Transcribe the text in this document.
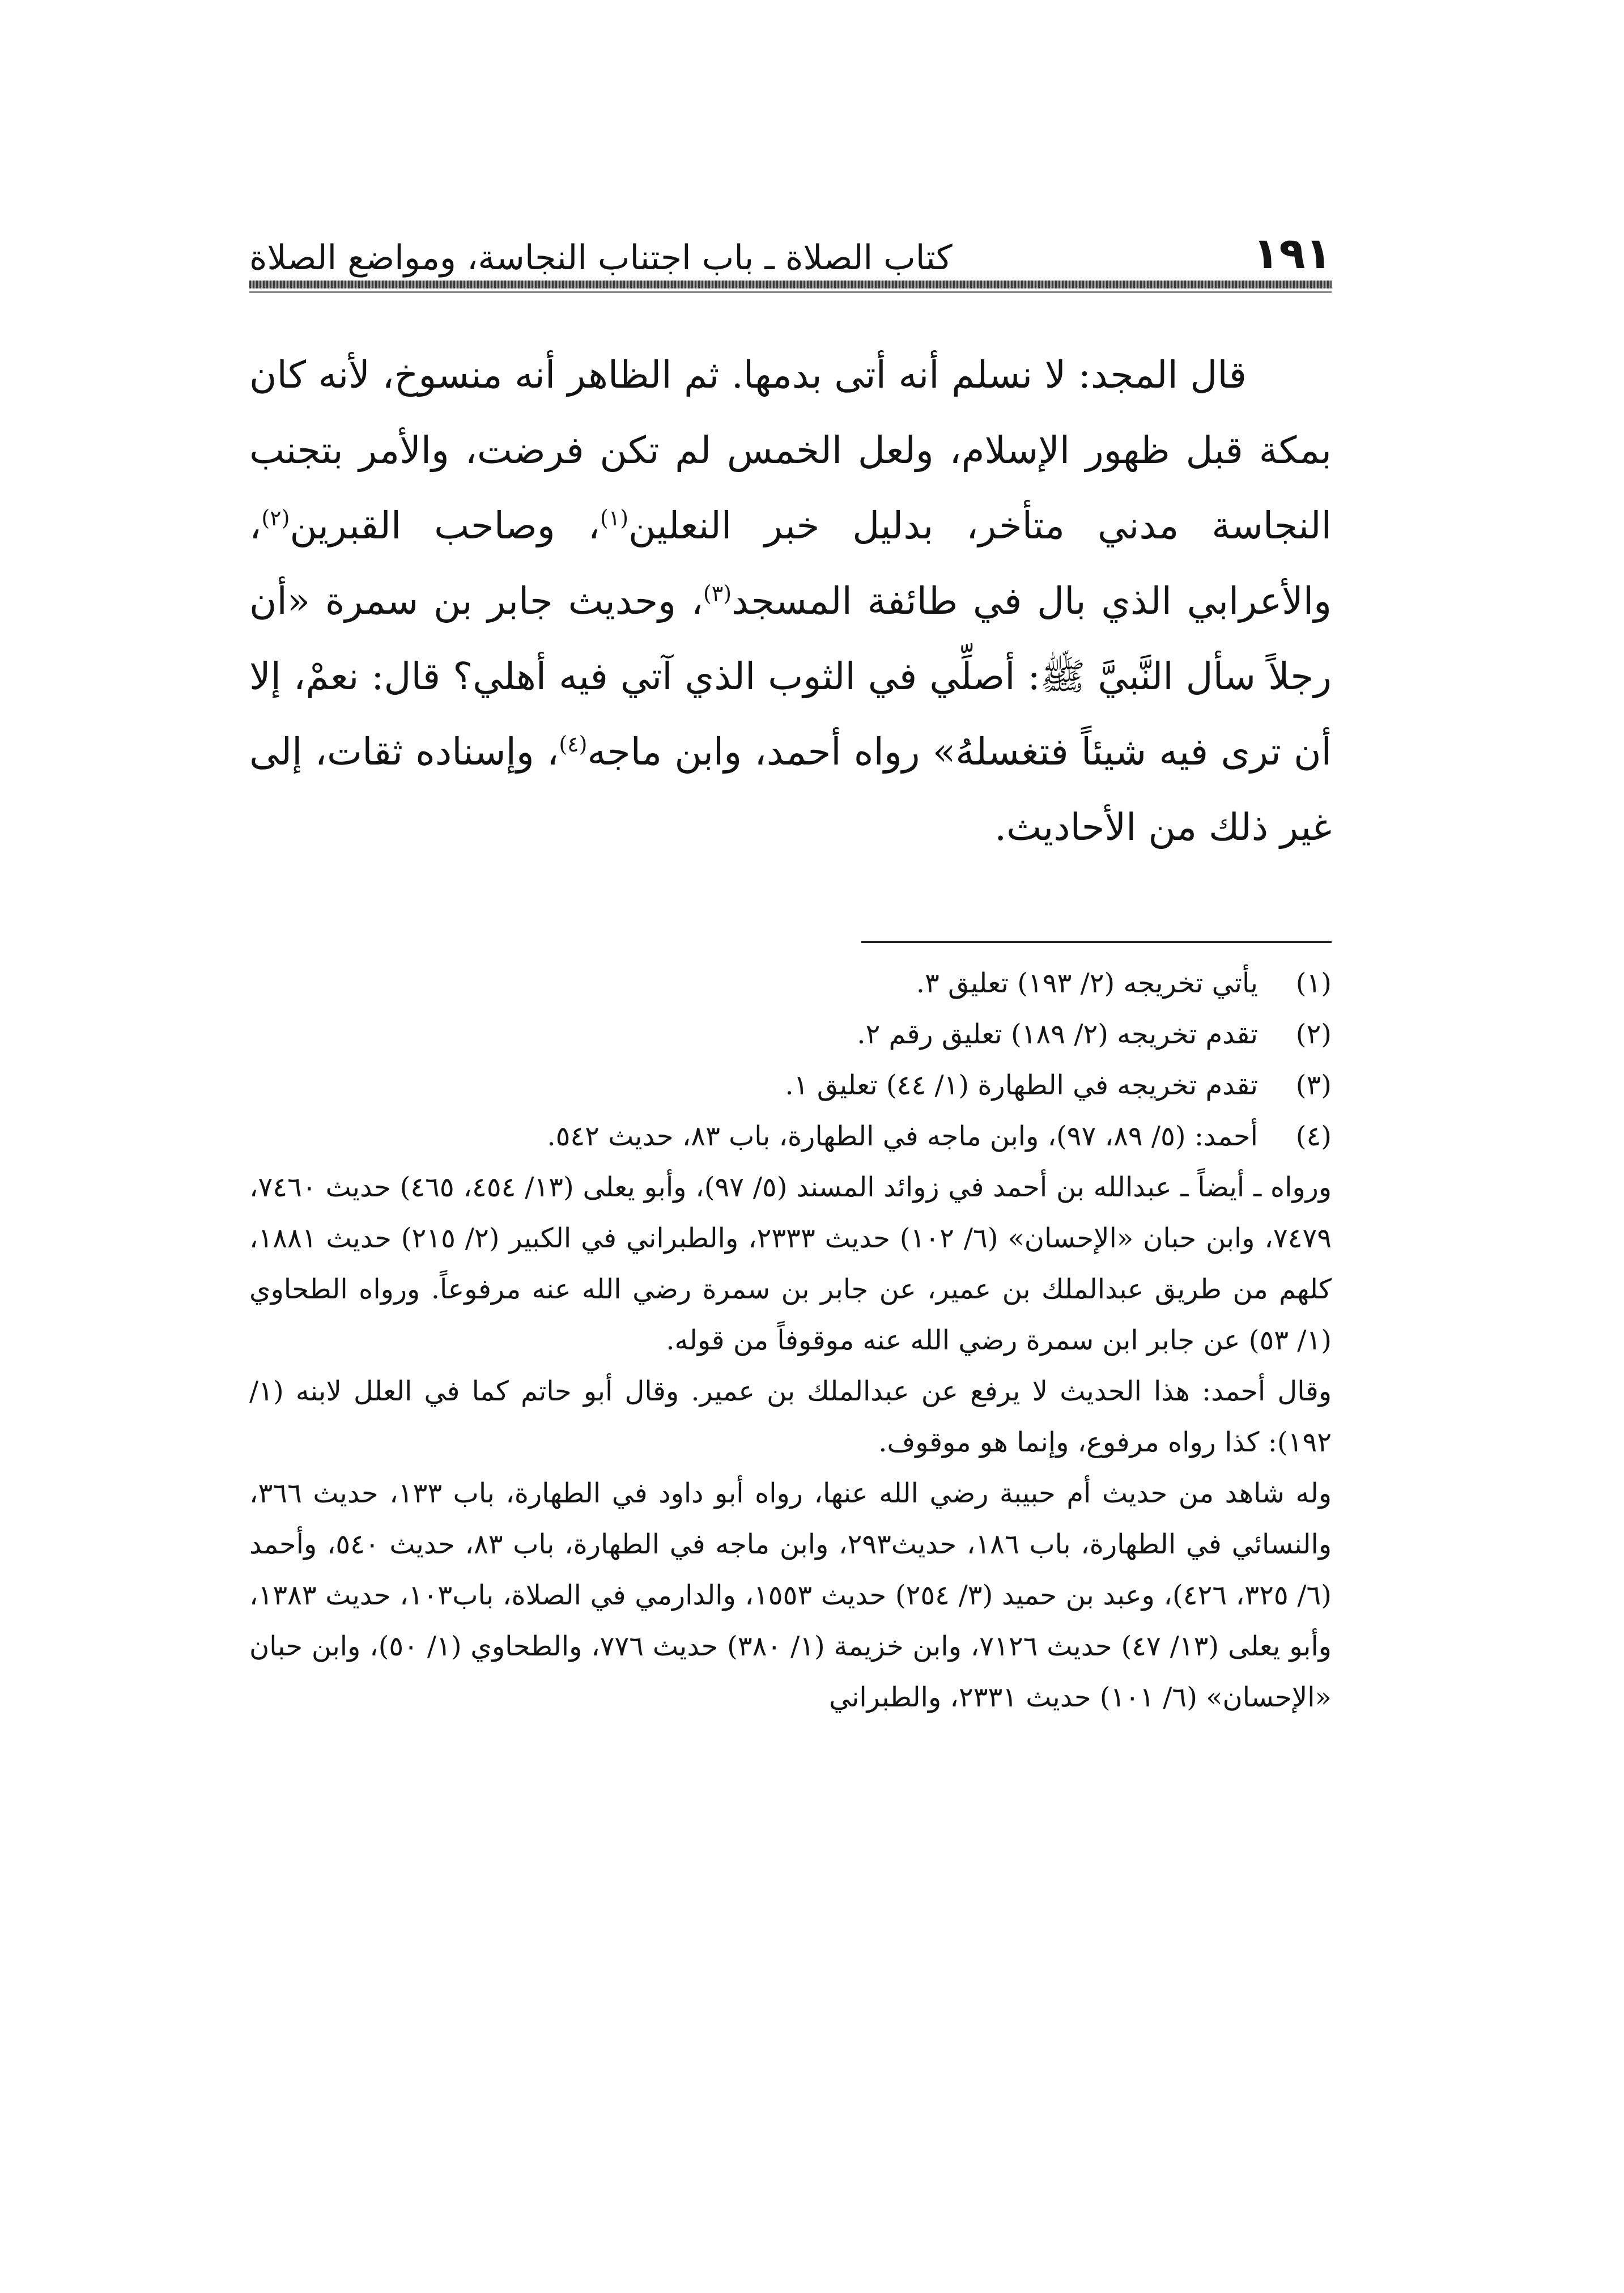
١٩١
كتاب الصلاة ـ باب اجتناب النجاسة، ومواضع الصلاة

قال المجد: لا نسلم أنه أتى بدمها. ثم الظاهر أنه منسوخ، لأنه كان بمكة قبل ظهور الإسلام، ولعل الخمس لم تكن فرضت، والأمر بتجنب النجاسة مدني متأخر، بدليل خبر النعلين$^{(١)}$، وصاحب القبرين$^{(٢)}$، والأعرابي الذي بال في طائفة المسجد$^{(٣)}$، وحديث جابر بن سمرة «أن رجلاً سأل النَّبيَّ ﷺ: أصلِّي في الثوب الذي آتي فيه أهلي؟ قال: نعمْ، إلا أن ترى فيه شيئاً فتغسلهُ» رواه أحمد، وابن ماجه$^{(٤)}$، وإسناده ثقات، إلى غير ذلك من الأحاديث.

(١)
يأتي تخريجه (٢/ ١٩٣) تعليق ٣.
(٢)
تقدم تخريجه (٢/ ١٨٩) تعليق رقم ٢.
(٣)
تقدم تخريجه في الطهارة (١/ ٤٤) تعليق ١.
(٤)
أحمد: (٥/ ٨٩، ٩٧)، وابن ماجه في الطهارة، باب ٨٣، حديث ٥٤٢.

ورواه ـ أيضاً ـ عبدالله بن أحمد في زوائد المسند (٥/ ٩٧)، وأبو يعلى (١٣/ ٤٥٤، ٤٦٥) حديث ٧٤٦٠، ٧٤٧٩، وابن حبان «الإحسان» (٦/ ١٠٢) حديث ٢٣٣٣، والطبراني في الكبير (٢/ ٢١٥) حديث ١٨٨١، كلهم من طريق عبدالملك بن عمير، عن جابر بن سمرة رضي الله عنه مرفوعاً. ورواه الطحاوي (١/ ٥٣) عن جابر ابن سمرة رضي الله عنه موقوفاً من قوله.

وقال أحمد: هذا الحديث لا يرفع عن عبدالملك بن عمير. وقال أبو حاتم كما في العلل لابنه (١/ ١٩٢): كذا رواه مرفوع، وإنما هو موقوف.

وله شاهد من حديث أم حبيبة رضي الله عنها، رواه أبو داود في الطهارة، باب ١٣٣، حديث ٣٦٦، والنسائي في الطهارة، باب ١٨٦، حديث٢٩٣، وابن ماجه في الطهارة، باب ٨٣، حديث ٥٤٠، وأحمد (٦/ ٣٢٥، ٤٢٦)، وعبد بن حميد (٣/ ٢٥٤) حديث ١٥٥٣، والدارمي في الصلاة، باب١٠٣، حديث ١٣٨٣، وأبو يعلى (١٣/ ٤٧) حديث ٧١٢٦، وابن خزيمة (١/ ٣٨٠) حديث ٧٧٦، والطحاوي (١/ ٥٠)، وابن حبان «الإحسان» (٦/ ١٠١) حديث ٢٣٣١، والطبراني
